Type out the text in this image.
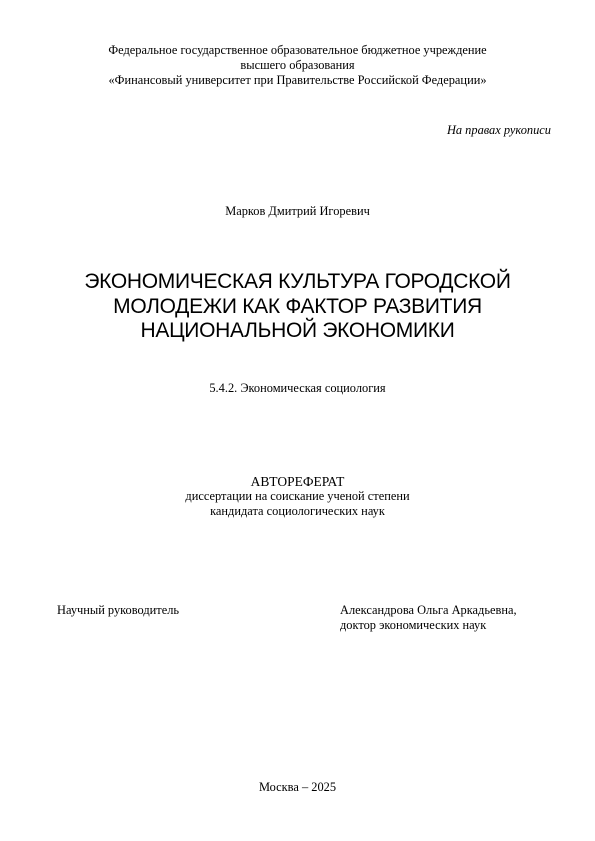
Федеральное государственное образовательное бюджетное учреждение
высшего образования
«Финансовый университет при Правительстве Российской Федерации»
На правах рукописи
Марков Дмитрий Игоревич
ЭКОНОМИЧЕСКАЯ КУЛЬТУРА ГОРОДСКОЙ
МОЛОДЕЖИ КАК ФАКТОР РАЗВИТИЯ
НАЦИОНАЛЬНОЙ ЭКОНОМИКИ
5.4.2. Экономическая социология
АВТОРЕФЕРАТ
диссертации на соискание ученой степени
кандидата социологических наук
Научный руководитель	Александрова Ольга Аркадьевна,
доктор экономических наук
Москва – 2025
